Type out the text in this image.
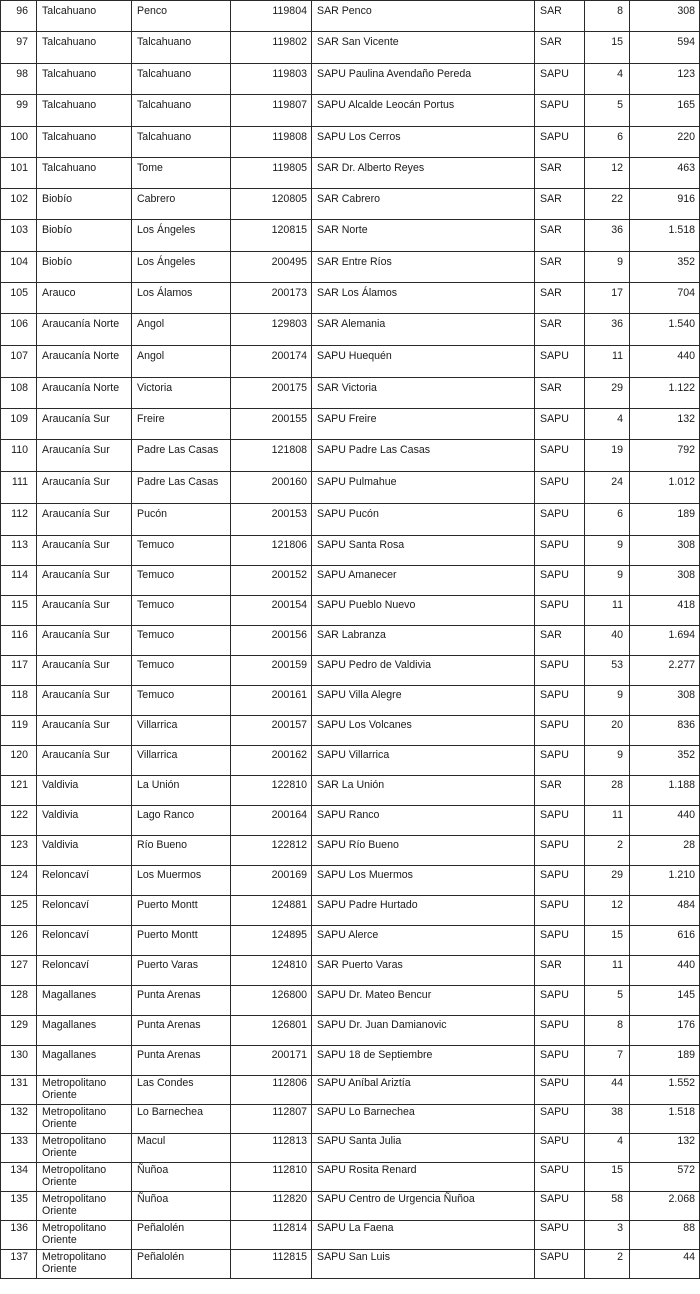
96	Talcahuano	Penco	119804	SAR Penco	SAR	8	308
97	Talcahuano	Talcahuano	119802	SAR San Vicente	SAR	15	594
98	Talcahuano	Talcahuano	119803	SAPU Paulina Avendaño Pereda	SAPU	4	123
99	Talcahuano	Talcahuano	119807	SAPU Alcalde Leocán Portus	SAPU	5	165
100	Talcahuano	Talcahuano	119808	SAPU Los Cerros	SAPU	6	220
101	Talcahuano	Tome	119805	SAR Dr. Alberto Reyes	SAR	12	463
102	Biobío	Cabrero	120805	SAR Cabrero	SAR	22	916
103	Biobío	Los Ángeles	120815	SAR Norte	SAR	36	1.518
104	Biobío	Los Ángeles	200495	SAR Entre Ríos	SAR	9	352
105	Arauco	Los Álamos	200173	SAR Los Álamos	SAR	17	704
106	Araucanía Norte	Angol	129803	SAR Alemania	SAR	36	1.540
107	Araucanía Norte	Angol	200174	SAPU Huequén	SAPU	11	440
108	Araucanía Norte	Victoria	200175	SAR Victoria	SAR	29	1.122
109	Araucanía Sur	Freire	200155	SAPU Freire	SAPU	4	132
110	Araucanía Sur	Padre Las Casas	121808	SAPU Padre Las Casas	SAPU	19	792
111	Araucanía Sur	Padre Las Casas	200160	SAPU Pulmahue	SAPU	24	1.012
112	Araucanía Sur	Pucón	200153	SAPU Pucón	SAPU	6	189
113	Araucanía Sur	Temuco	121806	SAPU Santa Rosa	SAPU	9	308
114	Araucanía Sur	Temuco	200152	SAPU Amanecer	SAPU	9	308
115	Araucanía Sur	Temuco	200154	SAPU Pueblo Nuevo	SAPU	11	418
116	Araucanía Sur	Temuco	200156	SAR Labranza	SAR	40	1.694
117	Araucanía Sur	Temuco	200159	SAPU Pedro de Valdivia	SAPU	53	2.277
118	Araucanía Sur	Temuco	200161	SAPU Villa Alegre	SAPU	9	308
119	Araucanía Sur	Villarrica	200157	SAPU Los Volcanes	SAPU	20	836
120	Araucanía Sur	Villarrica	200162	SAPU Villarrica	SAPU	9	352
121	Valdivia	La Unión	122810	SAR La Unión	SAR	28	1.188
122	Valdivia	Lago Ranco	200164	SAPU Ranco	SAPU	11	440
123	Valdivia	Río Bueno	122812	SAPU Río Bueno	SAPU	2	28
124	Reloncaví	Los Muermos	200169	SAPU Los Muermos	SAPU	29	1.210
125	Reloncaví	Puerto Montt	124881	SAPU Padre Hurtado	SAPU	12	484
126	Reloncaví	Puerto Montt	124895	SAPU Alerce	SAPU	15	616
127	Reloncaví	Puerto Varas	124810	SAR Puerto Varas	SAR	11	440
128	Magallanes	Punta Arenas	126800	SAPU Dr. Mateo Bencur	SAPU	5	145
129	Magallanes	Punta Arenas	126801	SAPU Dr. Juan Damianovic	SAPU	8	176
130	Magallanes	Punta Arenas	200171	SAPU 18 de Septiembre	SAPU	7	189
131	Metropolitano Oriente	Las Condes	112806	SAPU Aníbal Ariztía	SAPU	44	1.552
132	Metropolitano Oriente	Lo Barnechea	112807	SAPU Lo Barnechea	SAPU	38	1.518
133	Metropolitano Oriente	Macul	112813	SAPU Santa Julia	SAPU	4	132
134	Metropolitano Oriente	Ñuñoa	112810	SAPU Rosita Renard	SAPU	15	572
135	Metropolitano Oriente	Ñuñoa	112820	SAPU Centro de Urgencia Ñuñoa	SAPU	58	2.068
136	Metropolitano Oriente	Peñalolén	112814	SAPU La Faena	SAPU	3	88
137	Metropolitano Oriente	Peñalolén	112815	SAPU San Luis	SAPU	2	44
